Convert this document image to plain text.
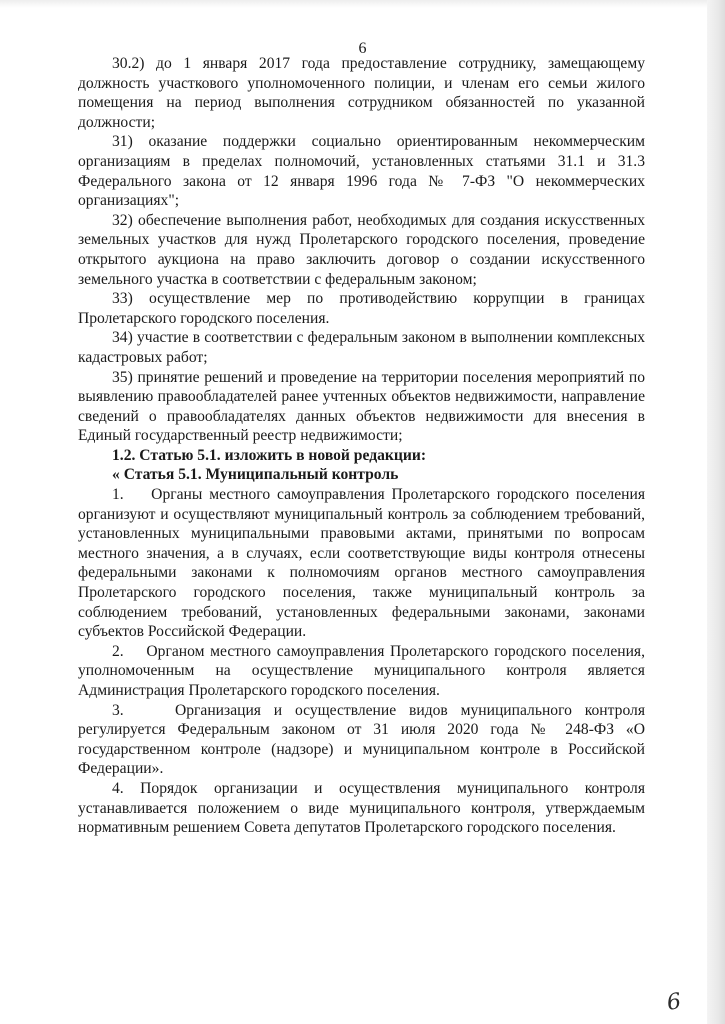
6

30.2) до 1 января 2017 года предоставление сотруднику, замещающему должность участкового уполномоченного полиции, и членам его семьи жилого помещения на период выполнения сотрудником обязанностей по указанной должности;

31) оказание поддержки социально ориентированным некоммерческим организациям в пределах полномочий, установленных статьями 31.1 и 31.3 Федерального закона от 12 января 1996 года № 7-ФЗ "О некоммерческих организациях";

32) обеспечение выполнения работ, необходимых для создания искусственных земельных участков для нужд Пролетарского городского поселения, проведение открытого аукциона на право заключить договор о создании искусственного земельного участка в соответствии с федеральным законом;

33) осуществление мер по противодействию коррупции в границах Пролетарского городского поселения.

34) участие в соответствии с федеральным законом в выполнении комплексных кадастровых работ;

35) принятие решений и проведение на территории поселения мероприятий по выявлению правообладателей ранее учтенных объектов недвижимости, направление сведений о правообладателях данных объектов недвижимости для внесения в Единый государственный реестр недвижимости;

1.2. Статью 5.1. изложить в новой редакции:

« Статья 5.1. Муниципальный контроль

1.    Органы местного самоуправления Пролетарского городского поселения организуют и осуществляют муниципальный контроль за соблюдением требований, установленных муниципальными правовыми актами, принятыми по вопросам местного значения, а в случаях, если соответствующие виды контроля отнесены федеральными законами к полномочиям органов местного самоуправления Пролетарского городского поселения, также муниципальный контроль за соблюдением требований, установленных федеральными законами, законами субъектов Российской Федерации.

2.    Органом местного самоуправления Пролетарского городского поселения, уполномоченным на осуществление муниципального контроля является Администрация Пролетарского городского поселения.

3.    Организация и осуществление видов муниципального контроля регулируется Федеральным законом от 31 июля 2020 года № 248-ФЗ «О государственном контроле (надзоре) и муниципальном контроле в Российской Федерации».

4. Порядок организации и осуществления муниципального контроля устанавливается положением о виде муниципального контроля, утверждаемым нормативным решением Совета депутатов Пролетарского городского поселения.

6
